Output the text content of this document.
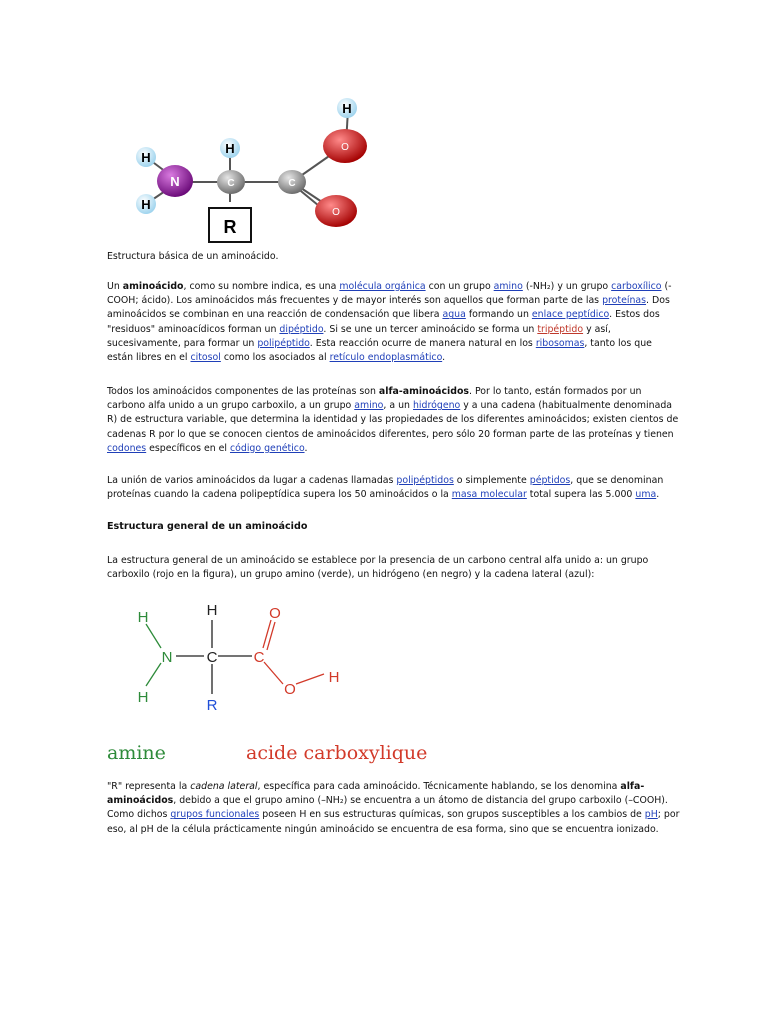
H
H
N
H
C	C
O
O
H
R
Estructura básica de un aminoácido.
Un aminoácido, como su nombre indica, es una molécula orgánica con un grupo amino (-NH₂) y un grupo carboxílico (-
COOH; ácido). Los aminoácidos más frecuentes y de mayor interés son aquellos que forman parte de las proteínas. Dos
aminoácidos se combinan en una reacción de condensación que libera agua formando un enlace peptídico. Estos dos
"residuos" aminoacídicos forman un dipéptido. Si se une un tercer aminoácido se forma un tripéptido y así,
sucesivamente, para formar un polipéptido. Esta reacción ocurre de manera natural en los ribosomas, tanto los que
están libres en el citosol como los asociados al retículo endoplasmático.
Todos los aminoácidos componentes de las proteínas son alfa-aminoácidos. Por lo tanto, están formados por un
carbono alfa unido a un grupo carboxilo, a un grupo amino, a un hidrógeno y a una cadena (habitualmente denominada
R) de estructura variable, que determina la identidad y las propiedades de los diferentes aminoácidos; existen cientos de
cadenas R por lo que se conocen cientos de aminoácidos diferentes, pero sólo 20 forman parte de las proteínas y tienen
codones específicos en el código genético.
La unión de varios aminoácidos da lugar a cadenas llamadas polipéptidos o simplemente péptidos, que se denominan
proteínas cuando la cadena polipeptídica supera los 50 aminoácidos o la masa molecular total supera las 5.000 uma.
Estructura general de un aminoácido
La estructura general de un aminoácido se establece por la presencia de un carbono central alfa unido a: un grupo
carboxilo (rojo en la figura), un grupo amino (verde), un hidrógeno (en negro) y la cadena lateral (azul):
H
N
H
C
H
R
C
O
O
H
amine	acide carboxylique
"R" representa la cadena lateral, específica para cada aminoácido. Técnicamente hablando, se los denomina alfa-
aminoácidos, debido a que el grupo amino (–NH₂) se encuentra a un átomo de distancia del grupo carboxilo (–COOH).
Como dichos grupos funcionales poseen H en sus estructuras químicas, son grupos susceptibles a los cambios de pH; por
eso, al pH de la célula prácticamente ningún aminoácido se encuentra de esa forma, sino que se encuentra ionizado.
